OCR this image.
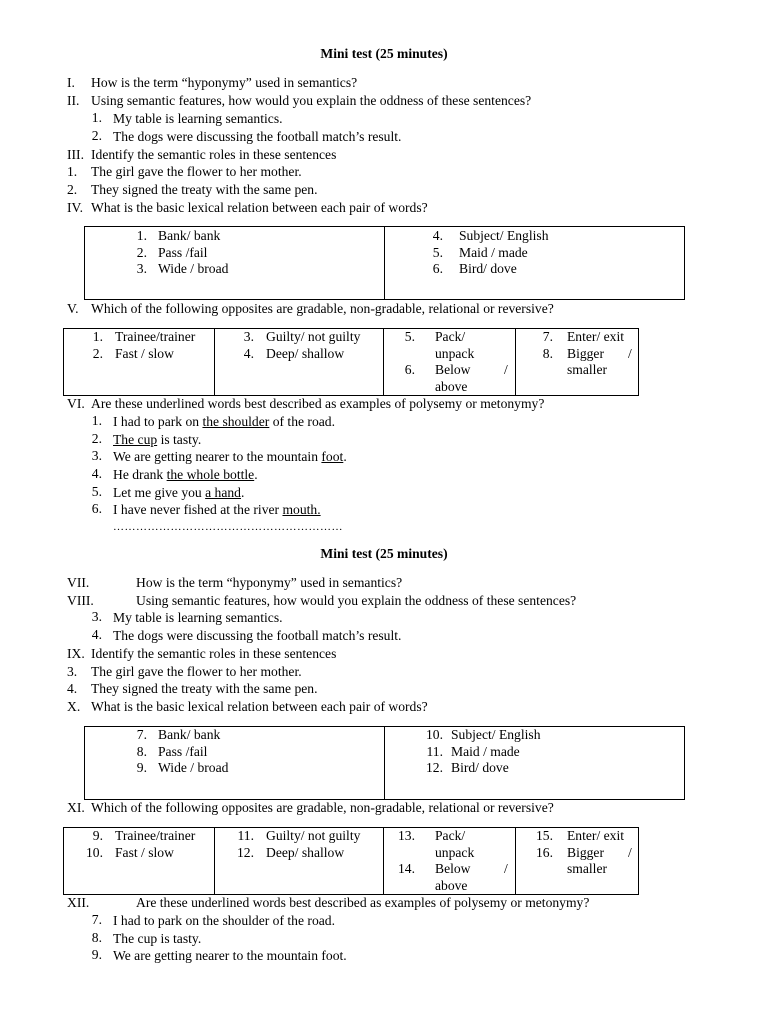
Mini test (25 minutes)
I. How is the term “hyponymy” used in semantics?
II. Using semantic features, how would you explain the oddness of these sentences?
1. My table is learning semantics.
2. The dogs were discussing the football match’s result.
III. Identify the semantic roles in these sentences
1. The girl gave the flower to her mother.
2. They signed the treaty with the same pen.
IV. What is the basic lexical relation between each pair of words?
1. Bank/ bank
2. Pass /fail
3. Wide / broad

4. Subject/ English
5. Maid / made
6. Bird/ dove
V. Which of the following opposites are gradable, non-gradable, relational or reversive?
1. Trainee/trainer
2. Fast / slow

3. Guilty/ not guilty
4. Deep/ shallow

5. Pack/
unpack
6. Below /
above

7. Enter/ exit
8. Bigger /
smaller
VI. Are these underlined words best described as examples of polysemy or metonymy?
1. I had to park on the shoulder of the road.
2. The cup is tasty.
3. We are getting nearer to the mountain foot.
4. He drank the whole bottle.
5. Let me give you a hand.
6. I have never fished at the river mouth.
……………………………………………………
Mini test (25 minutes)
VII.	How is the term “hyponymy” used in semantics?
VIII.	Using semantic features, how would you explain the oddness of these sentences?
3. My table is learning semantics.
4. The dogs were discussing the football match’s result.
IX. Identify the semantic roles in these sentences
3. The girl gave the flower to her mother.
4. They signed the treaty with the same pen.
X. What is the basic lexical relation between each pair of words?
7. Bank/ bank
8. Pass /fail
9. Wide / broad

10. Subject/ English
11. Maid / made
12. Bird/ dove
XI. Which of the following opposites are gradable, non-gradable, relational or reversive?
9. Trainee/trainer
10. Fast / slow

11. Guilty/ not guilty
12. Deep/ shallow

13. Pack/
unpack
14. Below /
above

15. Enter/ exit
16. Bigger /
smaller
XII.	Are these underlined words best described as examples of polysemy or metonymy?
7. I had to park on the shoulder of the road.
8. The cup is tasty.
9. We are getting nearer to the mountain foot.
